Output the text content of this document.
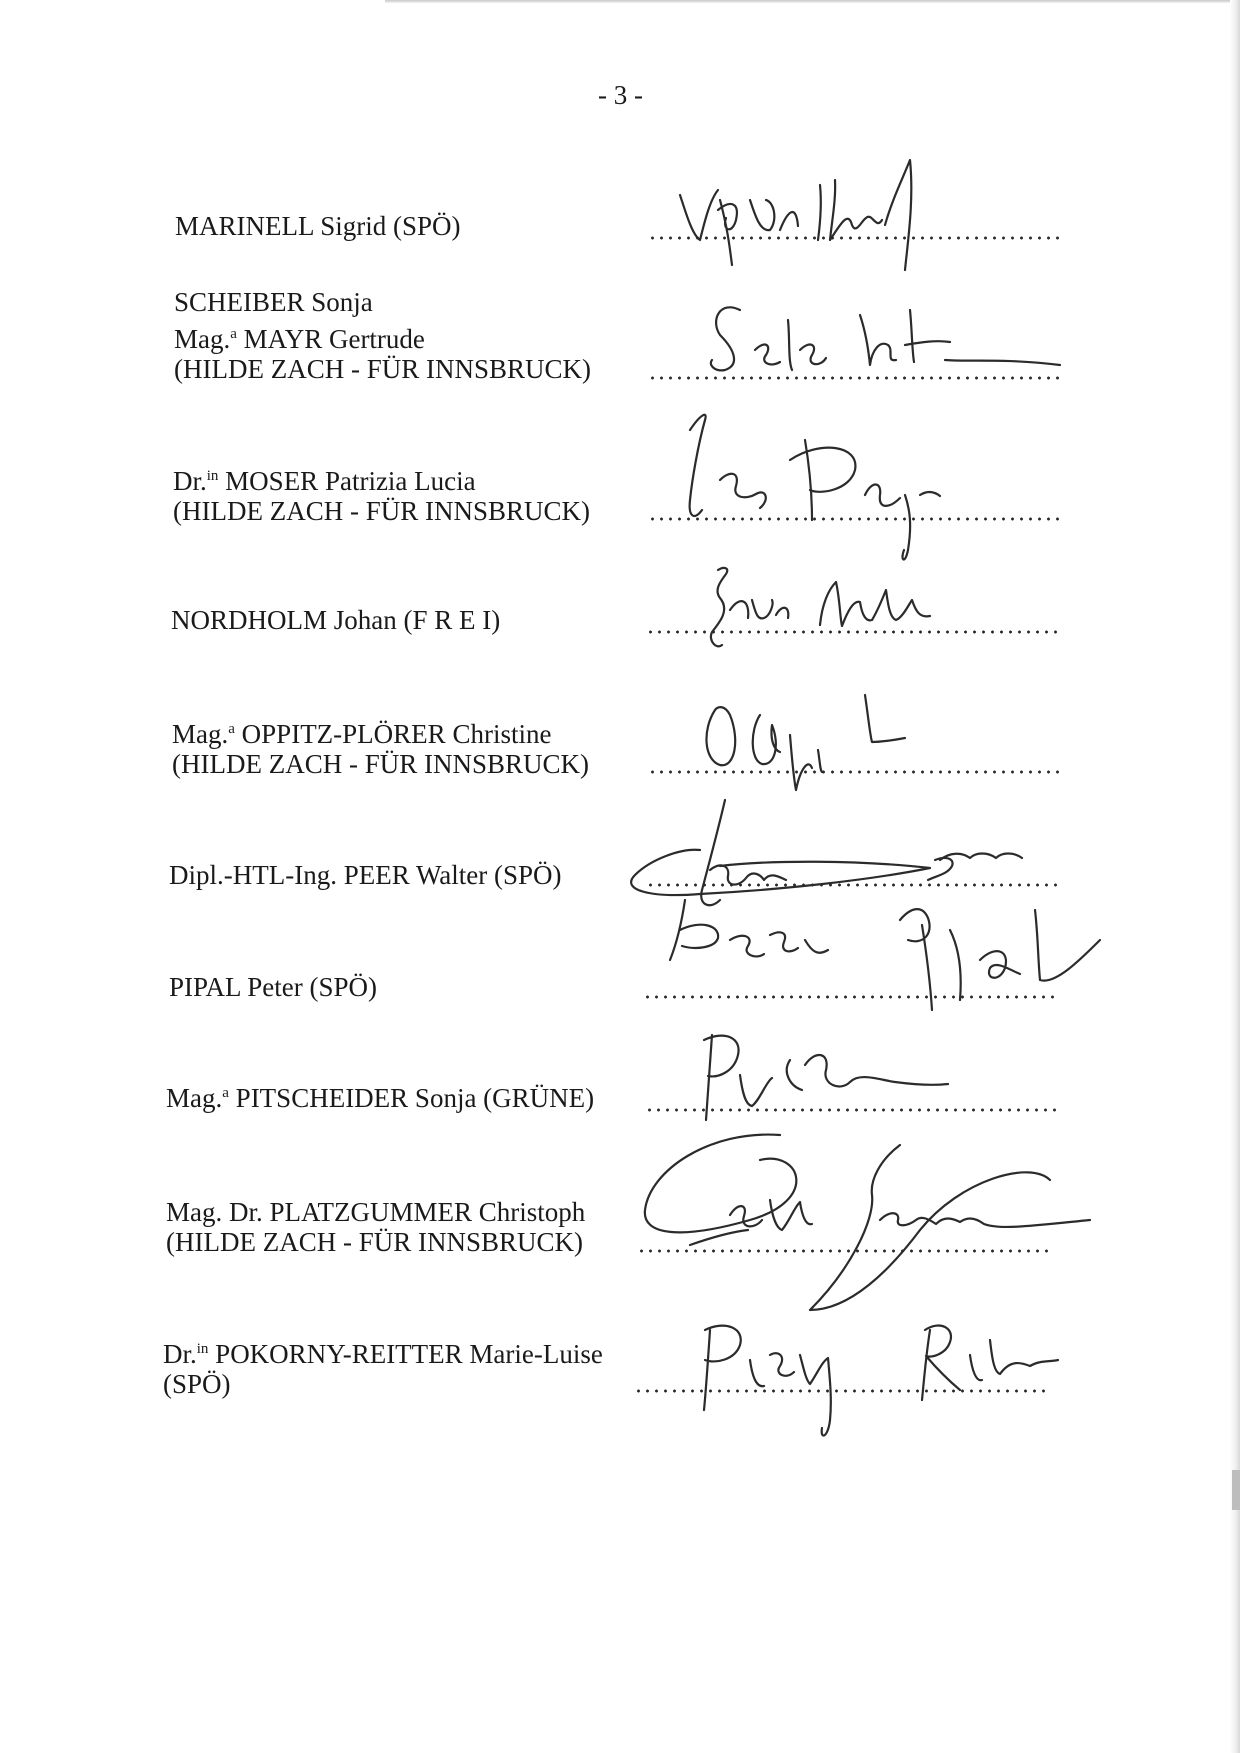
- 3 -
MARINELL Sigrid (SPÖ)
SCHEIBER Sonja
Mag.$^a$ MAYR Gertrude
(HILDE ZACH - FÜR INNSBRUCK)
Dr.$^{in}$ MOSER Patrizia Lucia
(HILDE ZACH - FÜR INNSBRUCK)
NORDHOLM Johan (F R E I)
Mag.$^a$ OPPITZ-PLÖRER Christine
(HILDE ZACH - FÜR INNSBRUCK)
Dipl.-HTL-Ing. PEER Walter (SPÖ)
PIPAL Peter (SPÖ)
Mag.$^a$ PITSCHEIDER Sonja (GRÜNE)
Mag. Dr. PLATZGUMMER Christoph
(HILDE ZACH - FÜR INNSBRUCK)
Dr.$^{in}$ POKORNY-REITTER Marie-Luise
(SPÖ)
